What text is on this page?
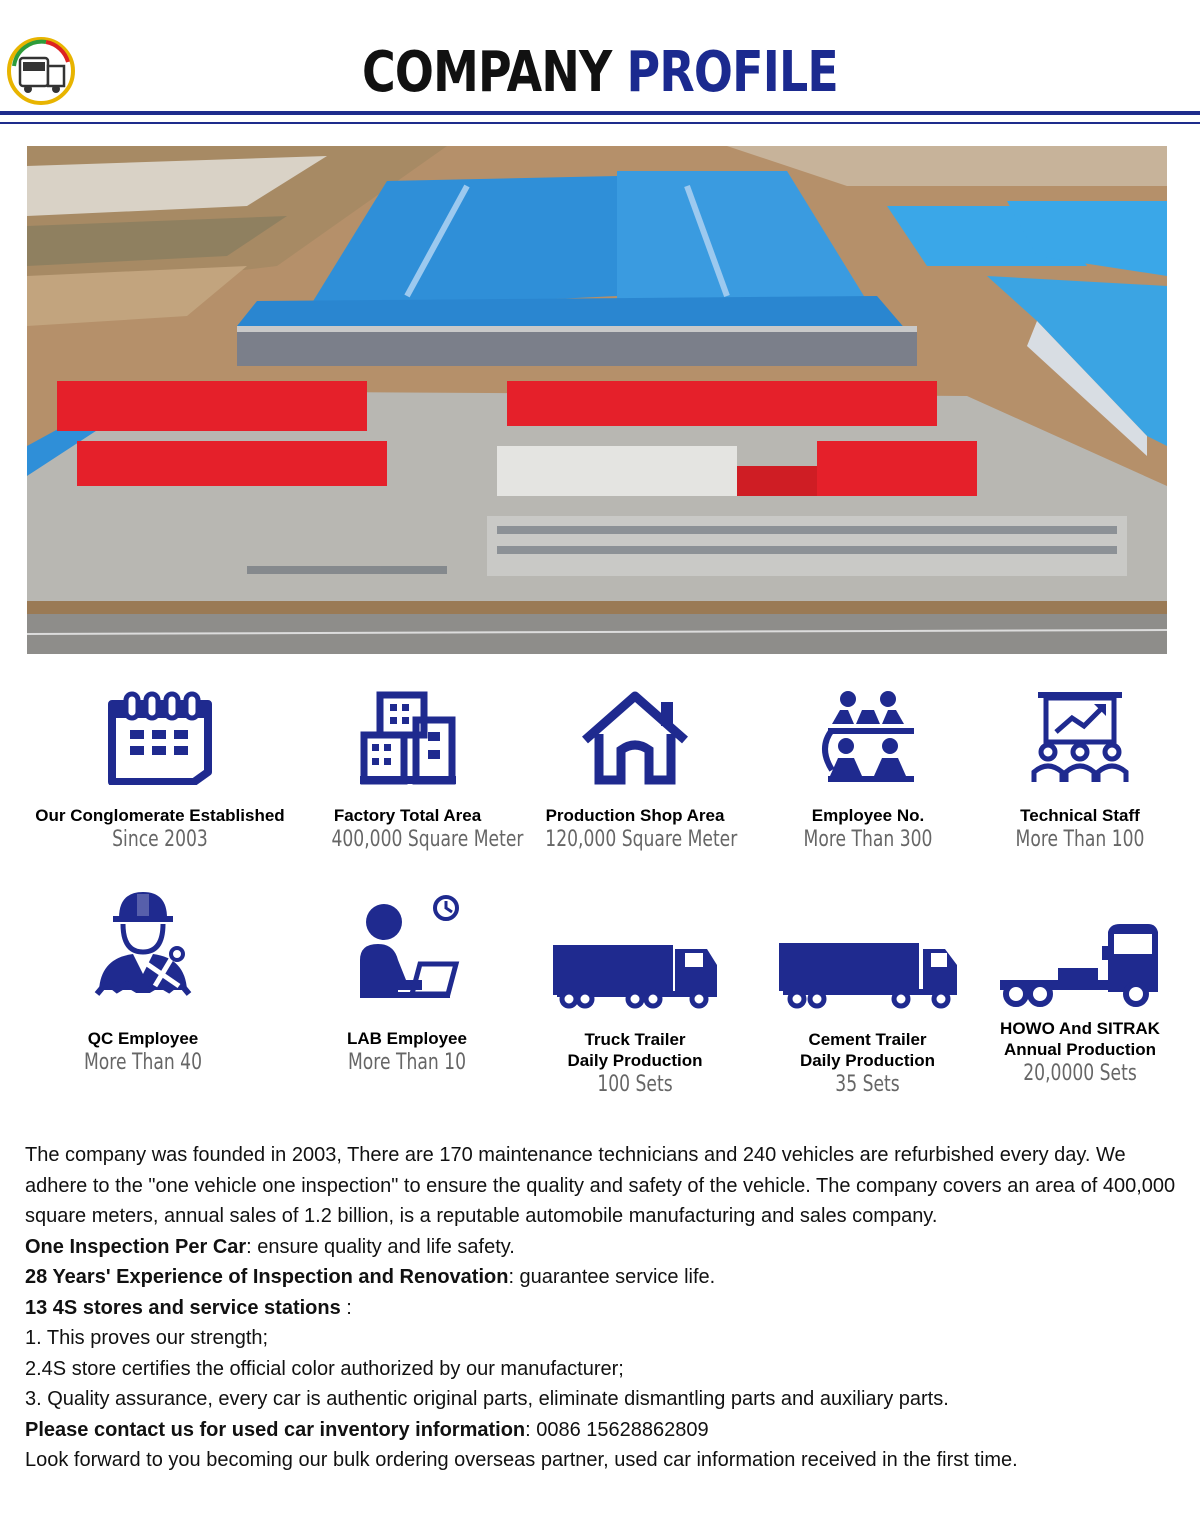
COMPANY PROFILE
Our Conglomerate Established
Since 2003
Factory Total Area
400,000 Square Meter
Production Shop Area
120,000 Square Meter
Employee No.
More Than 300
Technical Staff
More Than 100
QC Employee
More Than 40
LAB Employee
More Than 10
Truck Trailer
Daily Production
100 Sets
Cement Trailer
Daily Production
35 Sets
HOWO And SITRAK
Annual Production
20,0000 Sets

The company was founded in 2003, There are 170 maintenance technicians and 240 vehicles are refurbished every day. We adhere to the "one vehicle one inspection" to ensure the quality and safety of the vehicle. The company covers an area of 400,000 square meters, annual sales of 1.2 billion, is a reputable automobile manufacturing and sales company.

One Inspection Per Car: ensure quality and life safety.

28 Years' Experience of Inspection and Renovation: guarantee service life.

13 4S stores and service stations :

1. This proves our strength;

2.4S store certifies the official color authorized by our manufacturer;

3. Quality assurance, every car is authentic original parts, eliminate dismantling parts and auxiliary parts.

Please contact us for used car inventory information: 0086 15628862809

Look forward to you becoming our bulk ordering overseas partner, used car information received in the first time.
